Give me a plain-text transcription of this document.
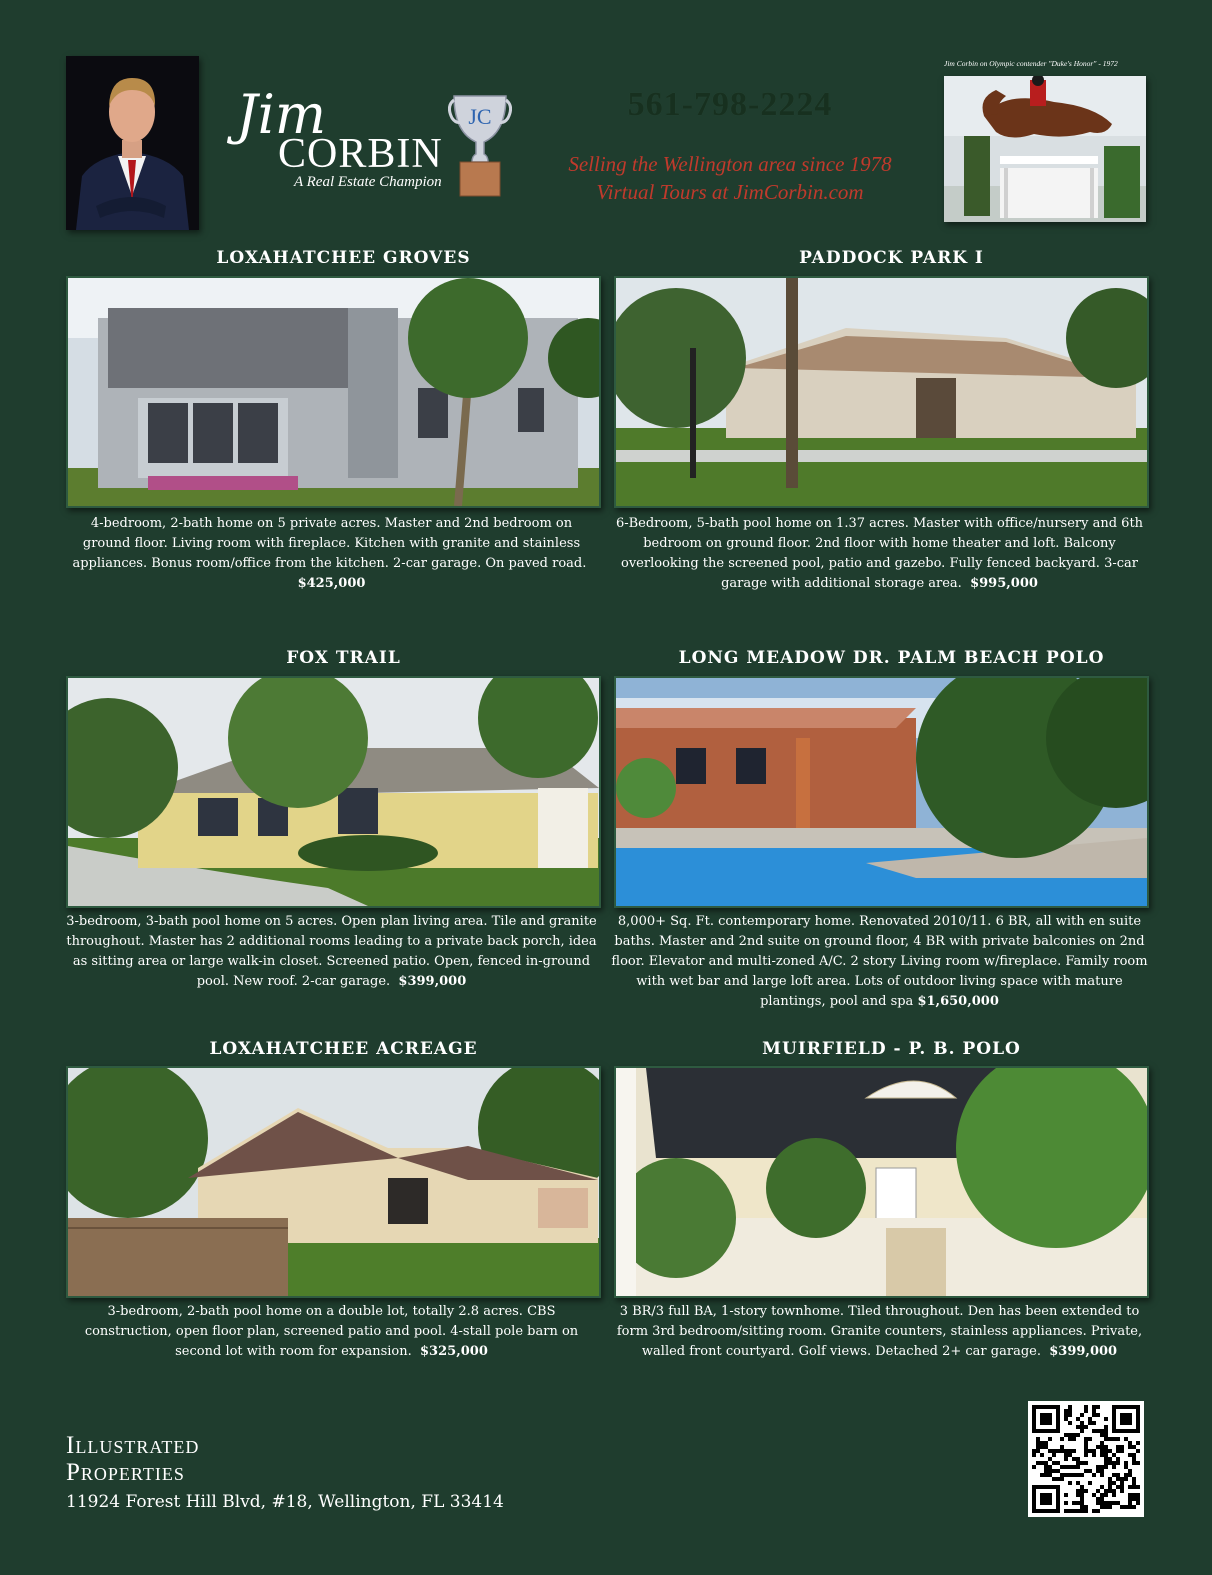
Jim
CORBIN
A Real Estate Champion
JC	561-798-2224
Selling the Wellington area since 1978
Virtual Tours at JimCorbin.com
Jim Corbin on Olympic contender "Duke's Honor" - 1972
LOXAHATCHEE GROVES
4-bedroom, 2-bath home on 5 private acres. Master and 2nd bedroom on ground floor. Living room with fireplace. Kitchen with granite and stainless appliances. Bonus room/office from the kitchen. 2-car garage. On paved road.  $425,000
PADDOCK PARK I
6-Bedroom, 5-bath pool home on 1.37 acres. Master with office/nursery and 6th bedroom on ground floor. 2nd floor with home theater and loft. Balcony overlooking the screened pool, patio and gazebo. Fully fenced backyard. 3-car garage with additional storage area. $995,000
FOX TRAIL
3-bedroom, 3-bath pool home on 5 acres. Open plan living area. Tile and granite throughout. Master has 2 additional rooms leading to a private back porch, idea as sitting area or large walk-in closet. Screened patio. Open, fenced in-ground pool. New roof. 2-car garage. $399,000
LONG MEADOW DR. PALM BEACH POLO
8,000+ Sq. Ft. contemporary home. Renovated 2010/11. 6 BR, all with en suite baths. Master and 2nd suite on ground floor, 4 BR with private balconies on 2nd floor. Elevator and multi-zoned A/C. 2 story Living room w/fireplace. Family room with wet bar and large loft area. Lots of outdoor living space with mature plantings, pool and spa $1,650,000
LOXAHATCHEE ACREAGE
3-bedroom, 2-bath pool home on a double lot, totally 2.8 acres. CBS construction, open floor plan, screened patio and pool. 4-stall pole barn on second lot with room for expansion. $325,000
MUIRFIELD - P. B. POLO
3 BR/3 full BA, 1-story townhome. Tiled throughout. Den has been extended to form 3rd bedroom/sitting room. Granite counters, stainless appliances. Private, walled front courtyard. Golf views. Detached 2+ car garage. $399,000
Illustrated
Properties
11924 Forest Hill Blvd, #18, Wellington, FL 33414
